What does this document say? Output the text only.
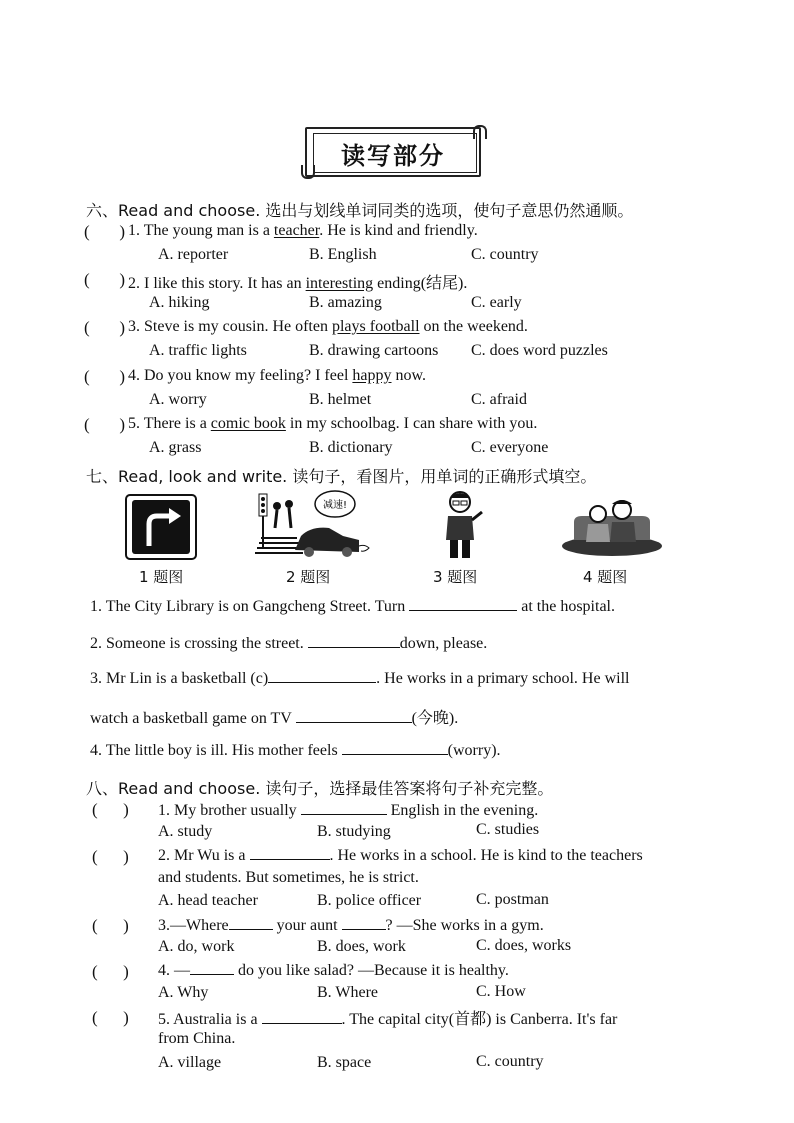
读写部分
六、Read and choose. 选出与划线单词同类的选项，使句子意思仍然通顺。
(       ) 1. The young man is a teacher. He is kind and friendly.
A. reporter	B. English	C. country
(       ) 2. I like this story. It has an interesting ending(结尾).
A. hiking	B. amazing	C. early
(       ) 3. Steve is my cousin. He often plays football on the weekend.
A. traffic lights	B. drawing cartoons C. does word puzzles
(       ) 4. Do you know my feeling? I feel happy now.
A. worry	B. helmet	C. afraid
(       ) 5. There is a comic book in my schoolbag. I can share with you.
A. grass	B. dictionary	C. everyone
七、Read, look and write. 读句子，看图片，用单词的正确形式填空。
减速!
1 题图	2 题图	3 题图	4 题图
1. The City Library is on Gangcheng Street. Turn	at the hospital.
2. Someone is crossing the street.	down, please.
3. Mr Lin is a basketball (c)	. He works in a primary school. He will
watch a basketball game on TV	(今晚).
4. The little boy is ill. His mother feels	(worry).
八、Read and choose. 读句子，选择最佳答案将句子补充完整。
(      ) 1. My brother usually	English in the evening.
A. study	B. studying	C. studies
(      ) 2. Mr Wu is a	. He works in a school. He is kind to the teachers
and students. But sometimes, he is strict.
A. head teacher	B. police officer	C. postman
(      ) 3.—Where	your aunt	? —She works in a gym.
A. do, work	B. does, work	C. does, works
(      ) 4. —	do you like salad? —Because it is healthy.
A. Why	B. Where	C. How
(      ) 5. Australia is a	. The capital city(首都) is Canberra. It's far
from China.
A. village	B. space	C. country
